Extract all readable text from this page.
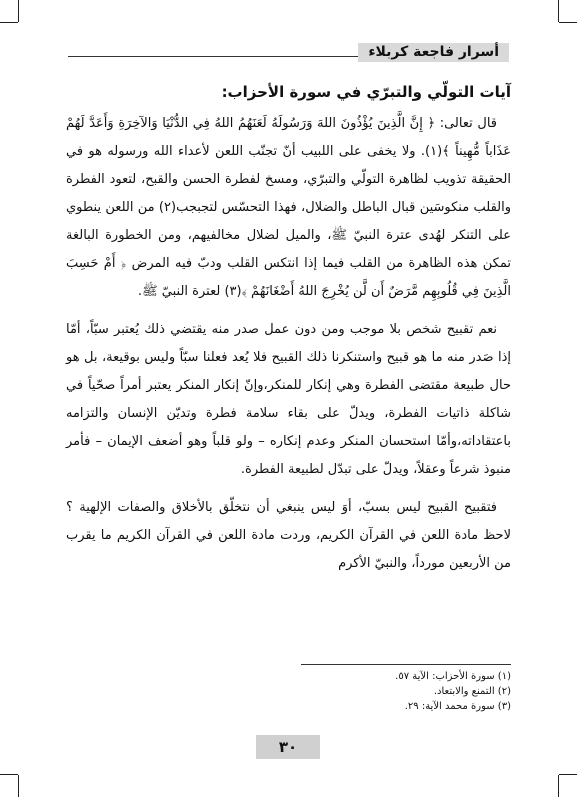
أسرار فاجعة كربلاء

آيات التولّي والتبرّي في سورة الأحزاب:

قال تعالى: ﴿ إِنَّ الَّذِينَ يُؤْذُونَ اللهَ وَرَسُولَهُ لَعَنَهُمُ اللهُ فِي الدُّنْيَا وَالآخِرَةِ وَأَعَدَّ لَهُمْ عَذَاباً مُّهِيناً ﴾(١). ولا يخفى على اللبيب أنّ تجنّب اللعن لأعداء الله ورسوله هو في الحقيقة تذويب لظاهرة التولّي والتبرّي، ومسخ لفطرة الحسن والقبح، لتعود الفطرة والقلب منكوسَين قبال الباطل والضلال، فهذا التحسّس لتجبجب(٢) من اللعن ينطوي على التنكر لهُدى عترة النبيّ ﷺ، والميل لضلال مخالفيهم، ومن الخطورة البالغة تمكن هذه الظاهرة من القلب فيما إذا انتكس القلب ودبّ فيه المرض ﴿ أَمْ حَسِبَ الَّذِينَ فِي قُلُوبِهِم مَّرَضٌ أَن لَّن يُخْرِجَ اللهُ أَضْغَانَهُمْ ﴾(٣) لعترة النبيّ ﷺ.

نعم تقبيح شخص بلا موجب ومن دون عمل صدر منه يقتضي ذلك يُعتبر سبّاً، أمّا إذا صَدر منه ما هو قبيح واستنكرنا ذلك القبيح فلا يُعد فعلنا سبّاً وليس بوقيعة، بل هو حال طبيعة مقتضى الفطرة وهي إنكار للمنكر،وإنّ إنكار المنكر يعتبر أمراً صحّياً في شاكلة ذاتيات الفطرة، ويدلّ على بقاء سلامة فطرة وتديّن الإنسان والتزامه باعتقاداته،وأمّا استحسان المنكر وعدم إنكاره – ولو قلباً وهو أضعف الإيمان – فأمر منبوذ شرعاً وعقلاً، ويدلّ على تبدّل لطبيعة الفطرة.

فتقبيح القبيح ليس بسبّ، أوَ ليس ينبغي أن نتخلّق بالأخلاق والصفات الإلهية ؟ لاحظ مادة اللعن في القرآن الكريم، وردت مادة اللعن في القرآن الكريم ما يقرب من الأربعين مورداً، والنبيّ الأكرم

(١) سورة الأحزاب: الآية ٥٧.
(٢) التمنع والابتعاد.
(٣) سورة محمد الآية: ٢٩.
٣٠
